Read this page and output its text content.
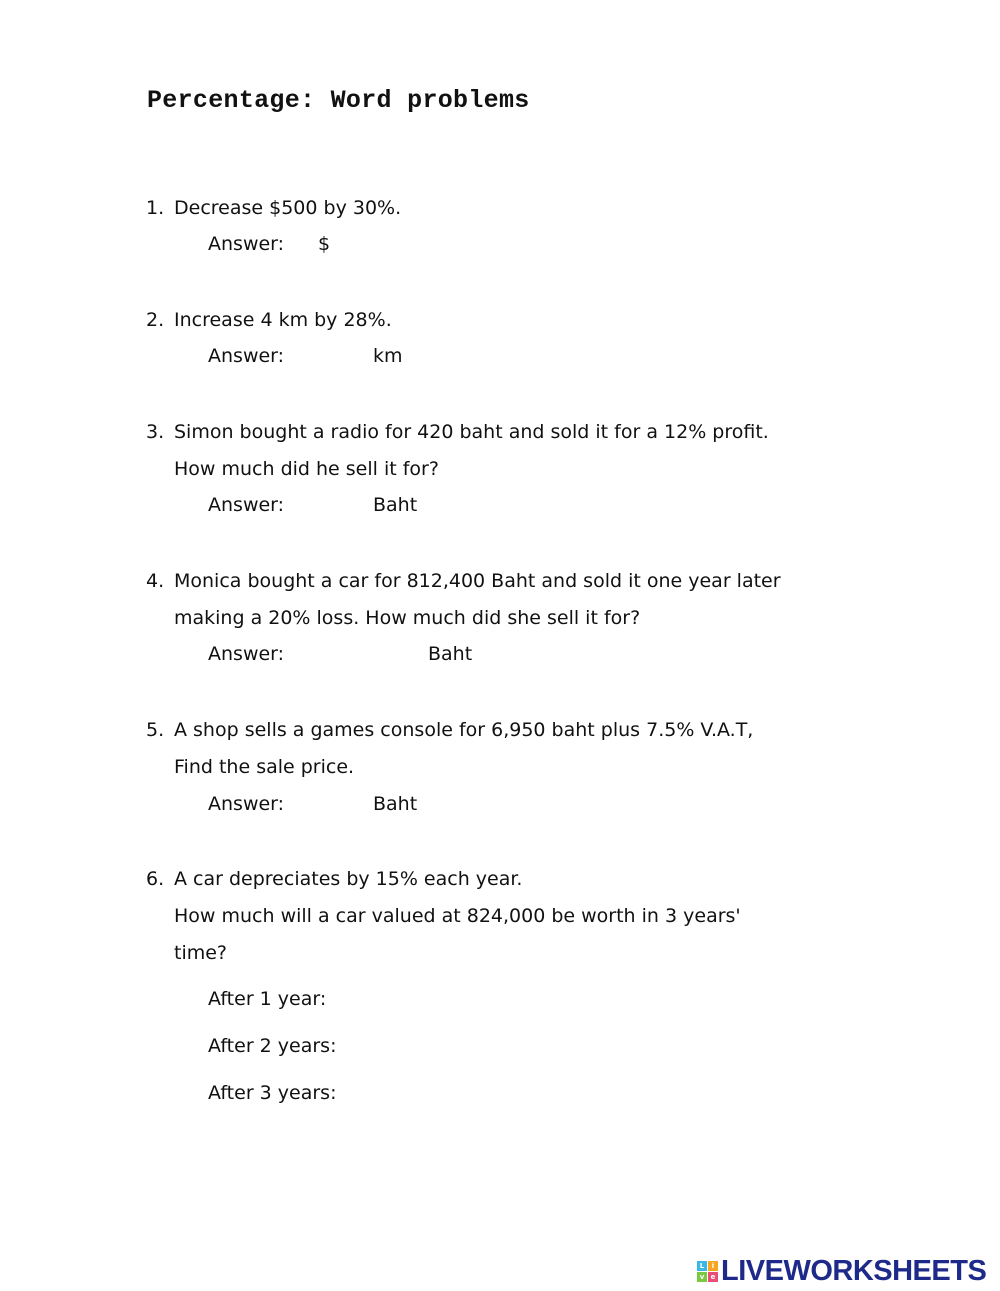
Percentage: Word problems
1. Decrease $500 by 30%.
Answer: $
2. Increase 4 km by 28%.
Answer:	km
3. Simon bought a radio for 420 baht and sold it for a 12% profit.
How much did he sell it for?
Answer:	Baht
4. Monica bought a car for 812,400 Baht and sold it one year later
making a 20% loss. How much did she sell it for?
Answer:	Baht
5. A shop sells a games console for 6,950 baht plus 7.5% V.A.T,
Find the sale price.
Answer:	Baht
6. A car depreciates by 15% each year.
How much will a car valued at 824,000 be worth in 3 years'
time?
After 1 year:
After 2 years:
After 3 years:
L	i
v e LIVEWORKSHEETS
